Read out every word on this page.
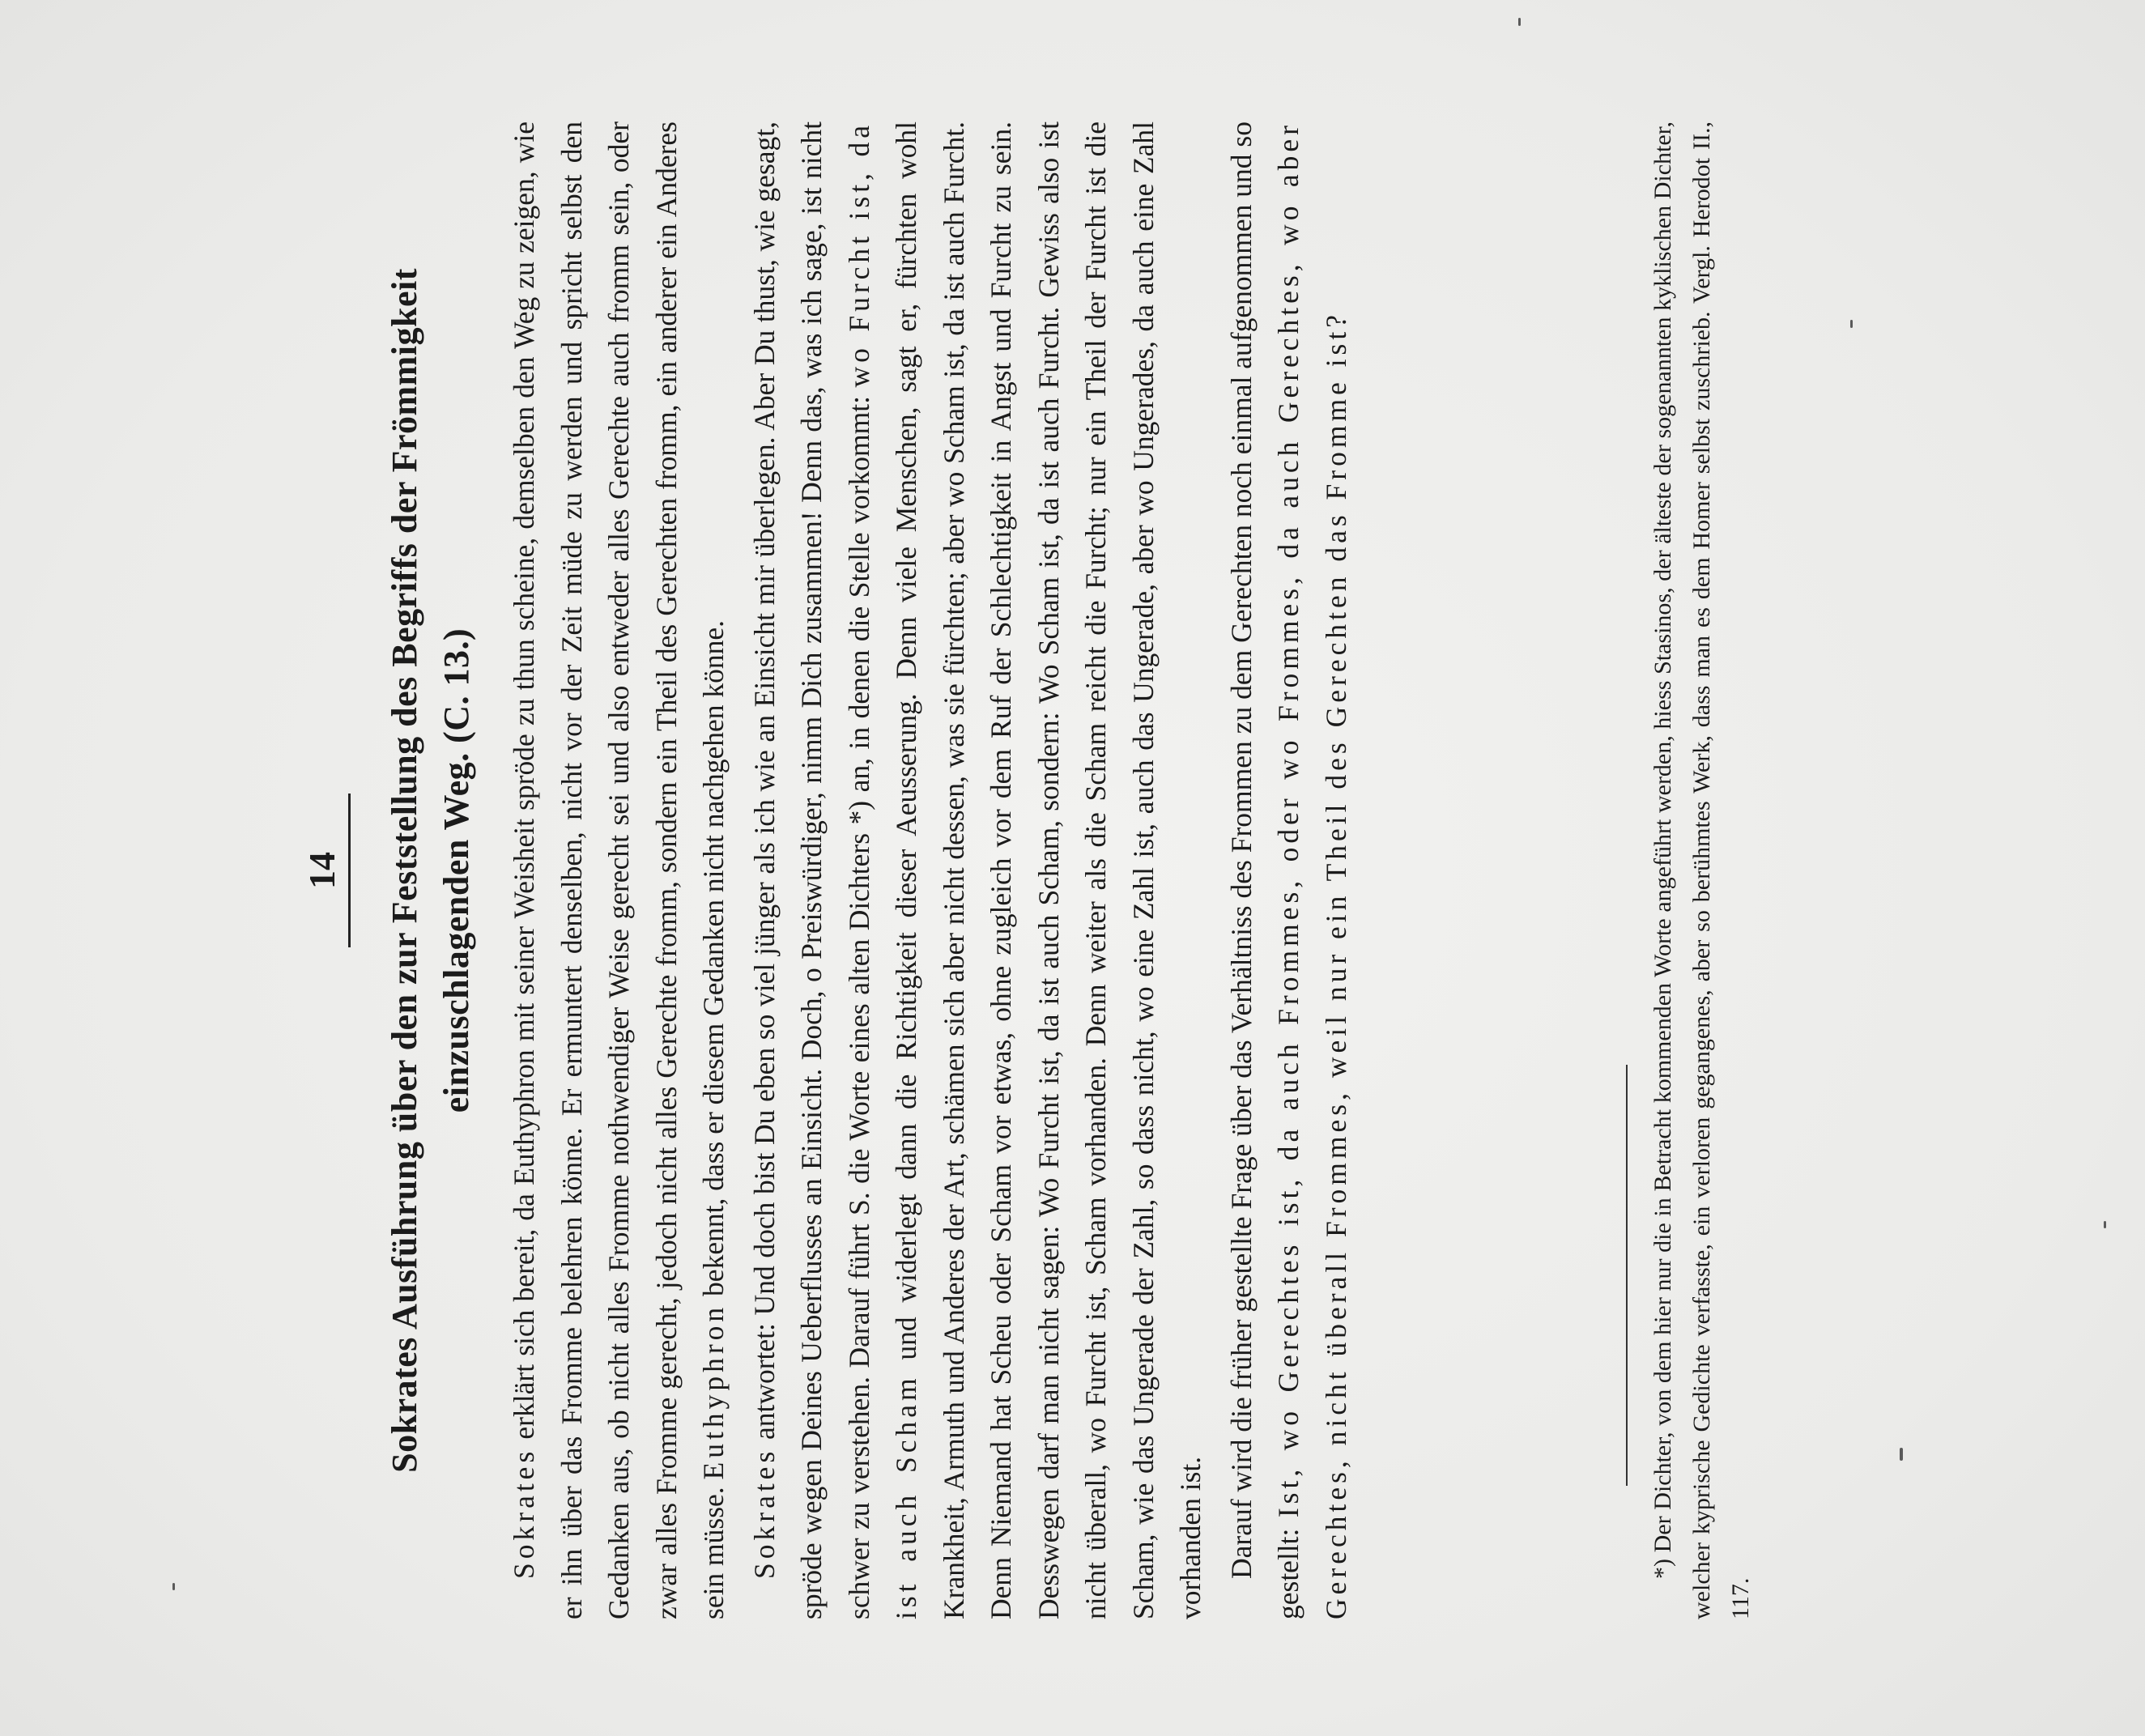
14 Sokrates Ausführung über den zur Feststellung des Begriffs der Frömmigkeit einzuschlagenden Weg. (C. 13.)

Sokrates erklärt sich bereit, da Euthyphron mit seiner Weisheit spröde zu thun scheine, demselben den Weg zu zeigen, wie er ihn über das Fromme belehren könne. Er ermuntert denselben, nicht vor der Zeit müde zu werden und spricht selbst den Gedanken aus, ob nicht alles Fromme nothwendiger Weise gerecht sei und also entweder alles Gerechte auch fromm sein, oder zwar alles Fromme gerecht, jedoch nicht alles Gerechte fromm, sondern ein Theil des Gerechten fromm, ein anderer ein Anderes sein müsse. Euthyphron bekennt, dass er diesem Gedanken nicht nachgehen könne.

Sokrates antwortet: Und doch bist Du eben so viel jünger als ich wie an Einsicht mir überlegen. Aber Du thust, wie gesagt, spröde wegen Deines Ueberflusses an Einsicht. Doch, o Preiswürdiger, nimm Dich zusammen! Denn das, was ich sage, ist nicht schwer zu verstehen. Darauf führt S. die Worte eines alten Dichters *) an, in denen die Stelle vorkommt: wo Furcht ist, da ist auch Scham und widerlegt dann die Richtigkeit dieser Aeusserung. Denn viele Menschen, sagt er, fürchten wohl Krankheit, Armuth und Anderes der Art, schämen sich aber nicht dessen, was sie fürchten; aber wo Scham ist, da ist auch Furcht. Denn Niemand hat Scheu oder Scham vor etwas, ohne zugleich vor dem Ruf der Schlechtigkeit in Angst und Furcht zu sein. Desswegen darf man nicht sagen: Wo Furcht ist, da ist auch Scham, sondern: Wo Scham ist, da ist auch Furcht. Gewiss also ist nicht überall, wo Furcht ist, Scham vorhanden. Denn weiter als die Scham reicht die Furcht; nur ein Theil der Furcht ist die Scham, wie das Ungerade der Zahl, so dass nicht, wo eine Zahl ist, auch das Ungerade, aber wo Ungerades, da auch eine Zahl vorhanden ist. Darauf wird die früher gestellte Frage über das Verhältniss des Frommen zu dem Gerechten noch einmal aufgenommen und so gestellt: Ist, wo Gerechtes ist, da auch Frommes, oder wo Frommes, da auch Gerechtes, wo aber Gerechtes, nicht überall Frommes, weil nur ein Theil des Gerechten das Fromme ist?	*) Der Dichter, von dem hier nur die in Betracht kommenden Worte angeführt werden, hiess Stasinos, der älteste der sogenannten kyklischen Dichter, welcher kyprische Gedichte verfasste, ein verloren gegangenes, aber so berühmtes Werk, dass man es dem Homer selbst zuschrieb. Vergl. Herodot II., 117.
